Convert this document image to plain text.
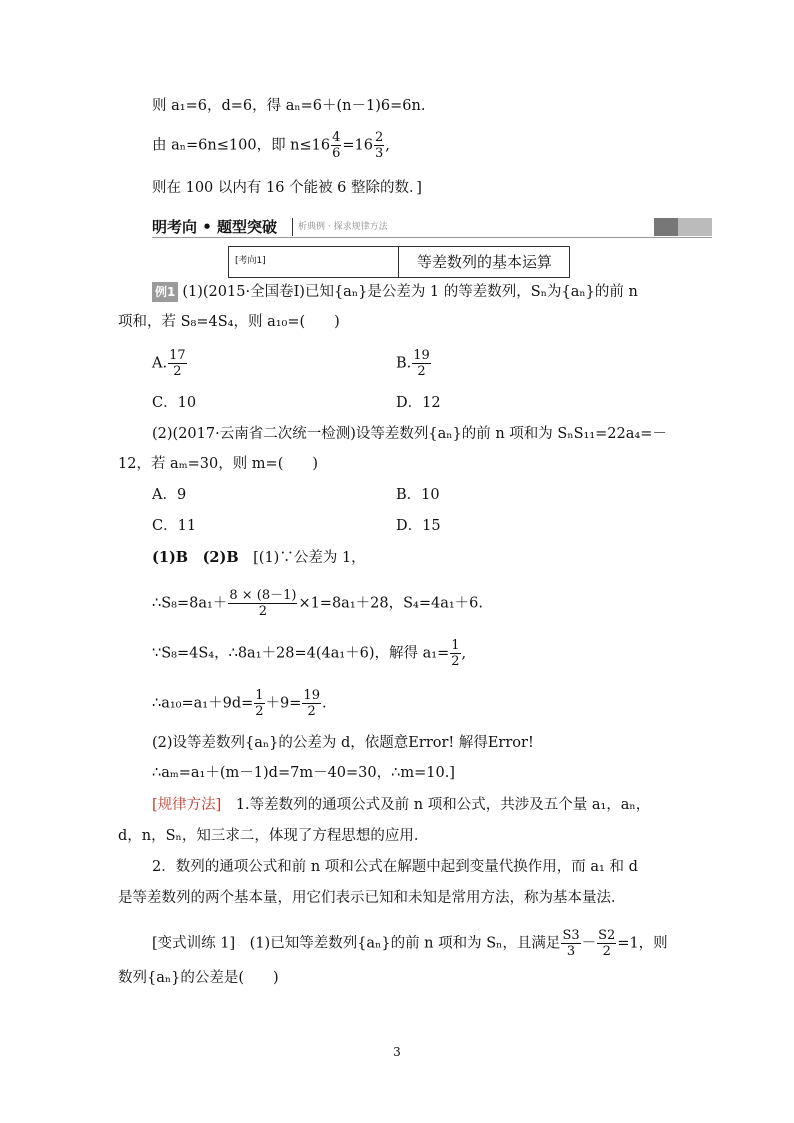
则 a₁=6，d=6，得 aₙ=6＋(n－1)6=6n.
由 aₙ=6n≤100，即 $n\le 16 \frac{4}{6} =16 \frac{2}{3}$ ,
则在 100 以内有 16 个能被 6 整除的数．]
明考向 • 题型突破 析典例 · 探求规律方法
[考向1]	等差数列的基本运算
例1 (1)(2015·全国卷Ⅰ)已知{aₙ}是公差为 1 的等差数列，Sₙ为{aₙ}的前 n
项和，若 S₈=4S₄，则 a₁₀=(　　)
A. $\frac{17}{2}$	B. $\frac{19}{2}$
C．10	D．12
(2)(2017·云南省二次统一检测)设等差数列{aₙ}的前 n 项和为 SₙS₁₁=22a₄=－
12，若 aₘ=30，则 m=(　　)
A．9	B．10
C．11	D．15
(1)B　(2)B　 [(1)∵公差为 1，
∴S₈=8a₁＋ $\frac{8 \times (8-1)}{2} \times 1=8a_1+28$，S₄=4a₁＋6.
∵S₈=4S₄，∴8a₁＋28=4(4a₁＋6)，解得 $a_1= \frac{1}{2}$ ,
∴a₁₀=a₁＋9d= $\frac{1}{2} +9= \frac{19}{2}$ .
(2)设等差数列{aₙ}的公差为 d，依题意Error! 解得Error!
∴aₘ=a₁＋(m－1)d=7m－40=30，∴m=10.]
[规律方法]　1.等差数列的通项公式及前 n 项和公式，共涉及五个量 a₁，aₙ，
d，n，Sₙ，知三求二，体现了方程思想的应用．
2．数列的通项公式和前 n 项和公式在解题中起到变量代换作用，而 a₁ 和 d
是等差数列的两个基本量，用它们表示已知和未知是常用方法，称为基本量法．
[变式训练 1]　(1)已知等差数列{aₙ}的前 n 项和为 Sₙ，且满足 $\frac{S3}{3} - \frac{S2}{2} =1$，则
数列{aₙ}的公差是(　　)
3
